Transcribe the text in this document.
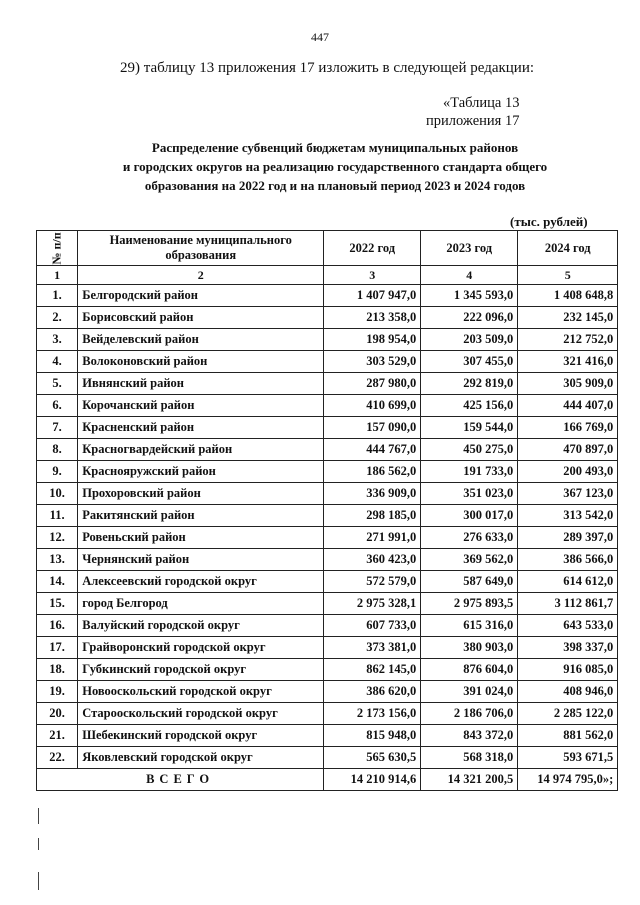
447
29) таблицу 13 приложения 17 изложить в следующей редакции:
«Таблица 13
приложения 17
Распределение субвенций бюджетам муниципальных районов
и городских округов на реализацию государственного стандарта общего
образования на 2022 год и на плановый период 2023 и 2024 годов
(тыс. рублей)
№ п/п	Наименование муниципального образования	2022 год	2023 год	2024 год
1	2	3	4	5
1.	Белгородский район	1 407 947,0	1 345 593,0	1 408 648,8
2.	Борисовский район	213 358,0	222 096,0	232 145,0
3.	Вейделевский район	198 954,0	203 509,0	212 752,0
4.	Волоконовский район	303 529,0	307 455,0	321 416,0
5.	Ивнянский район	287 980,0	292 819,0	305 909,0
6.	Корочанский район	410 699,0	425 156,0	444 407,0
7.	Красненский район	157 090,0	159 544,0	166 769,0
8.	Красногвардейский район	444 767,0	450 275,0	470 897,0
9.	Краснояружский район	186 562,0	191 733,0	200 493,0
10.	Прохоровский район	336 909,0	351 023,0	367 123,0
11.	Ракитянский район	298 185,0	300 017,0	313 542,0
12.	Ровеньский район	271 991,0	276 633,0	289 397,0
13.	Чернянский район	360 423,0	369 562,0	386 566,0
14.	Алексеевский городской округ	572 579,0	587 649,0	614 612,0
15.	город Белгород	2 975 328,1	2 975 893,5	3 112 861,7
16.	Валуйский городской округ	607 733,0	615 316,0	643 533,0
17.	Грайворонский городской округ	373 381,0	380 903,0	398 337,0
18.	Губкинский городской округ	862 145,0	876 604,0	916 085,0
19.	Новооскольский городской округ	386 620,0	391 024,0	408 946,0
20.	Старооскольский городской округ	2 173 156,0	2 186 706,0	2 285 122,0
21.	Шебекинский городской округ	815 948,0	843 372,0	881 562,0
22.	Яковлевский городской округ	565 630,5	568 318,0	593 671,5
ВСЕГО		14 210 914,6	14 321 200,5	14 974 795,0»;
